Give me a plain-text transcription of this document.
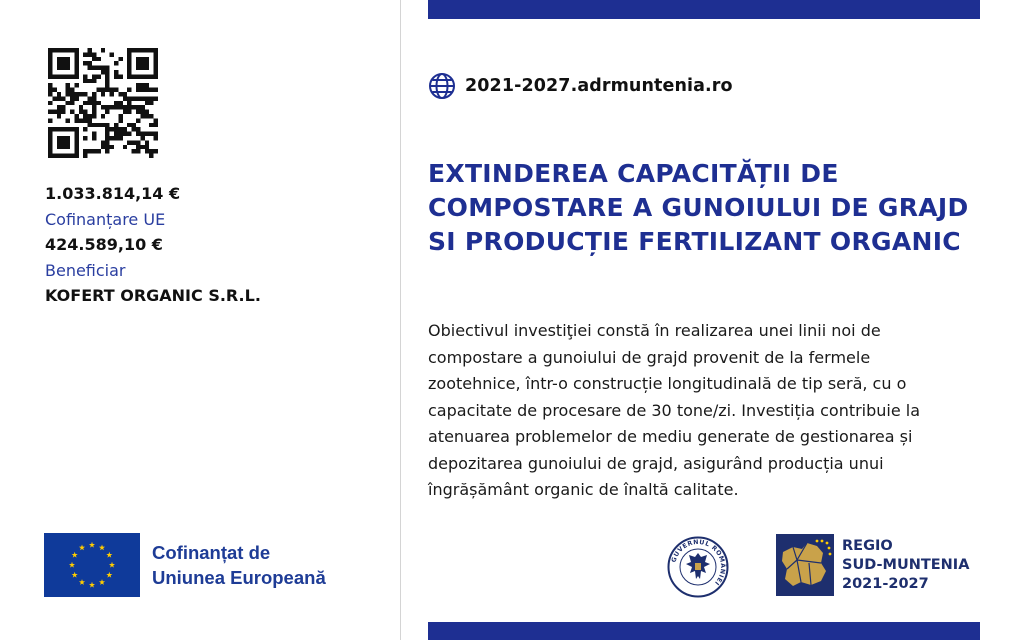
1.033.814,14 €
Cofinanțare UE
424.589,10 €
Beneficiar
KOFERT ORGANIC S.R.L.
2021-2027.adrmuntenia.ro
EXTINDEREA CAPACITĂȚII DE
COMPOSTARE A GUNOIULUI DE GRAJD
SI PRODUCȚIE FERTILIZANT ORGANIC
Obiectivul investiţiei constă în realizarea unei linii noi de
compostare a gunoiului de grajd provenit de la fermele
zootehnice, într-o construcție longitudinală de tip seră, cu o
capacitate de procesare de 30 tone/zi. Investiția contribuie la
atenuarea problemelor de mediu generate de gestionarea și
depozitarea gunoiului de grajd, asigurând producția unui
îngrășământ organic de înaltă calitate.
Cofinanțat de
Uniunea Europeană
GUVERNUL ROMÂNIEI
REGIO
SUD-MUNTENIA
2021-2027
